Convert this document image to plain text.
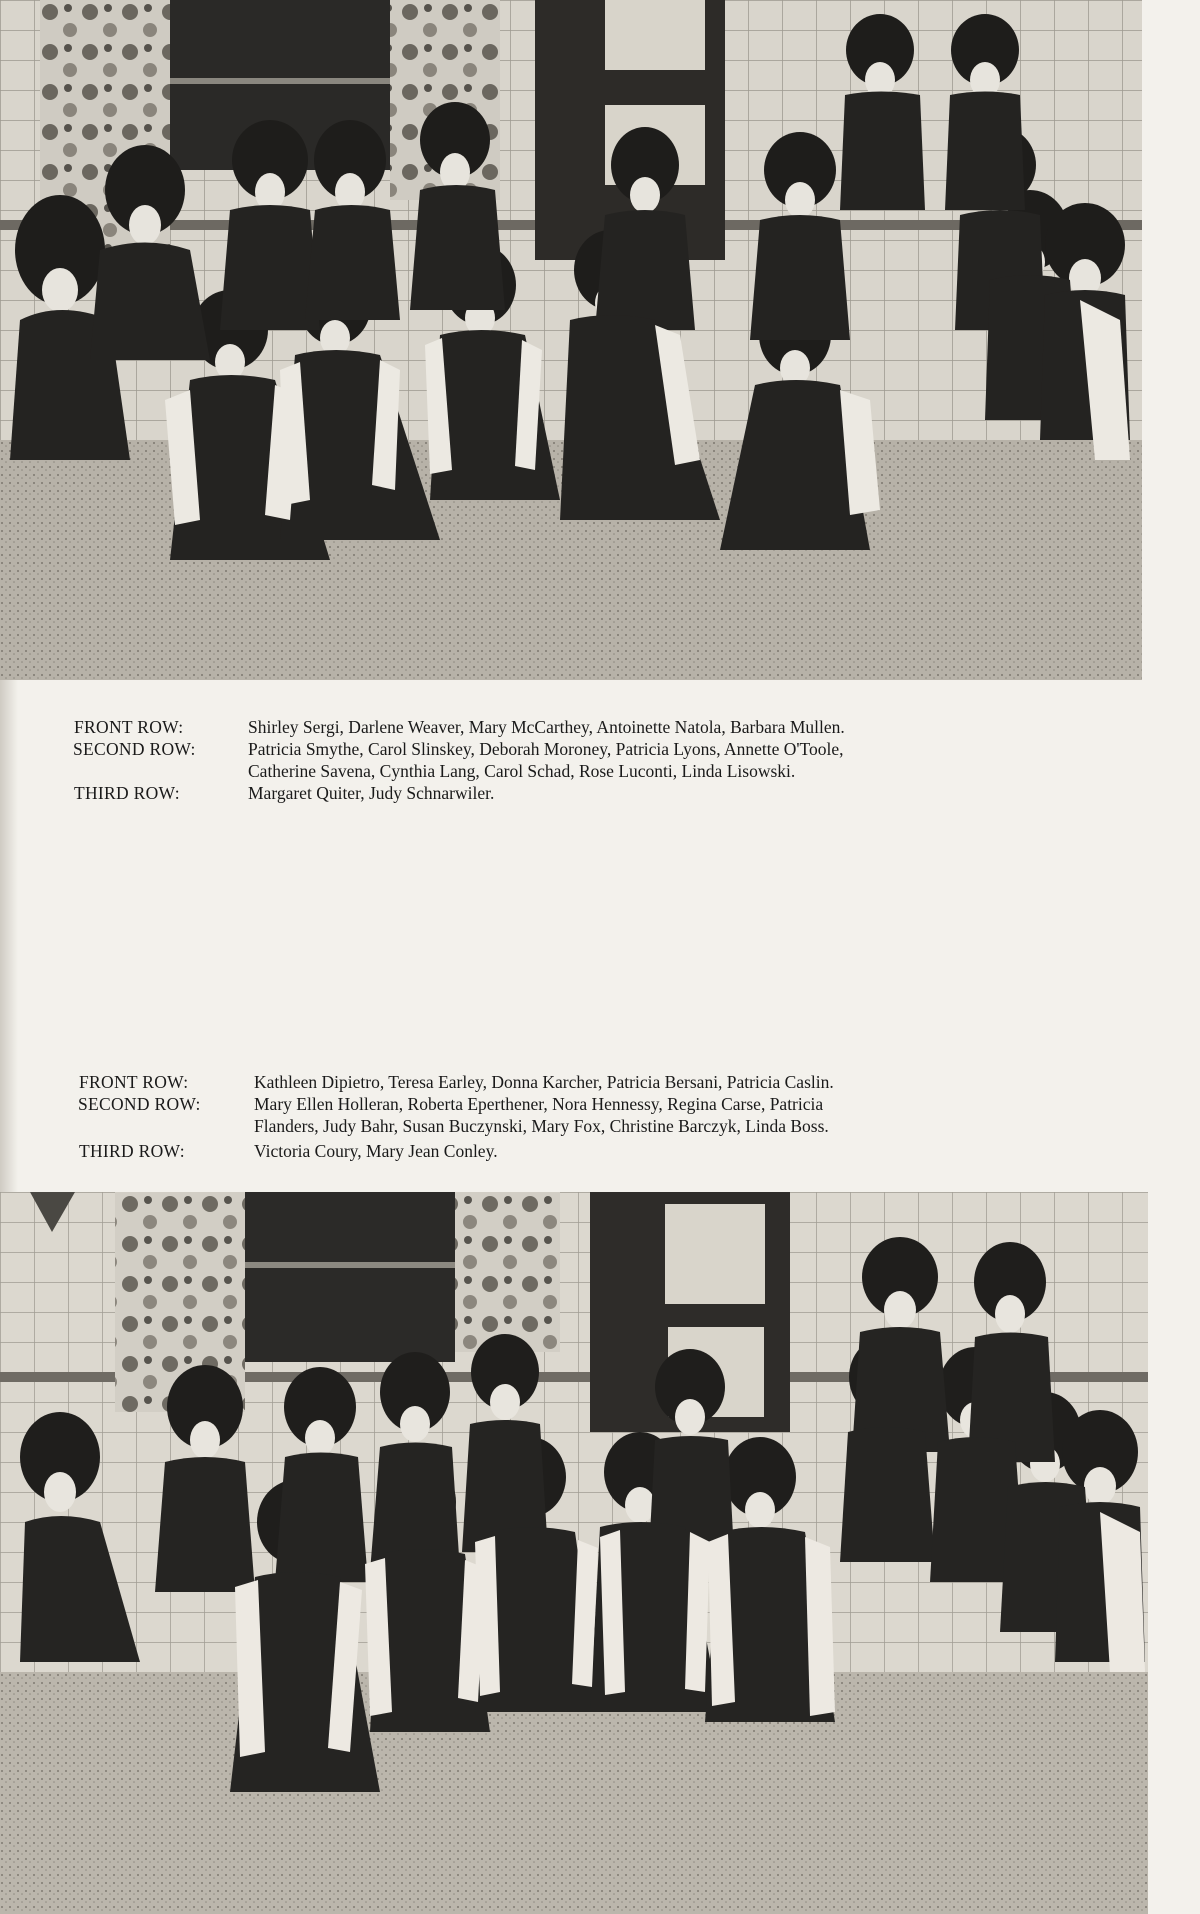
FRONT ROW:	Shirley Sergi, Darlene Weaver, Mary McCarthey, Antoinette Natola, Barbara Mullen.
SECOND ROW:	Patricia Smythe, Carol Slinskey, Deborah Moroney, Patricia Lyons, Annette O'Toole,
Catherine Savena, Cynthia Lang, Carol Schad, Rose Luconti, Linda Lisowski.
THIRD ROW:	Margaret Quiter, Judy Schnarwiler.
FRONT ROW:	Kathleen Dipietro, Teresa Earley, Donna Karcher, Patricia Bersani, Patricia Caslin.
SECOND ROW:	Mary Ellen Holleran, Roberta Eperthener, Nora Hennessy, Regina Carse, Patricia
Flanders, Judy Bahr, Susan Buczynski, Mary Fox, Christine Barczyk, Linda Boss.
THIRD ROW:	Victoria Coury, Mary Jean Conley.
